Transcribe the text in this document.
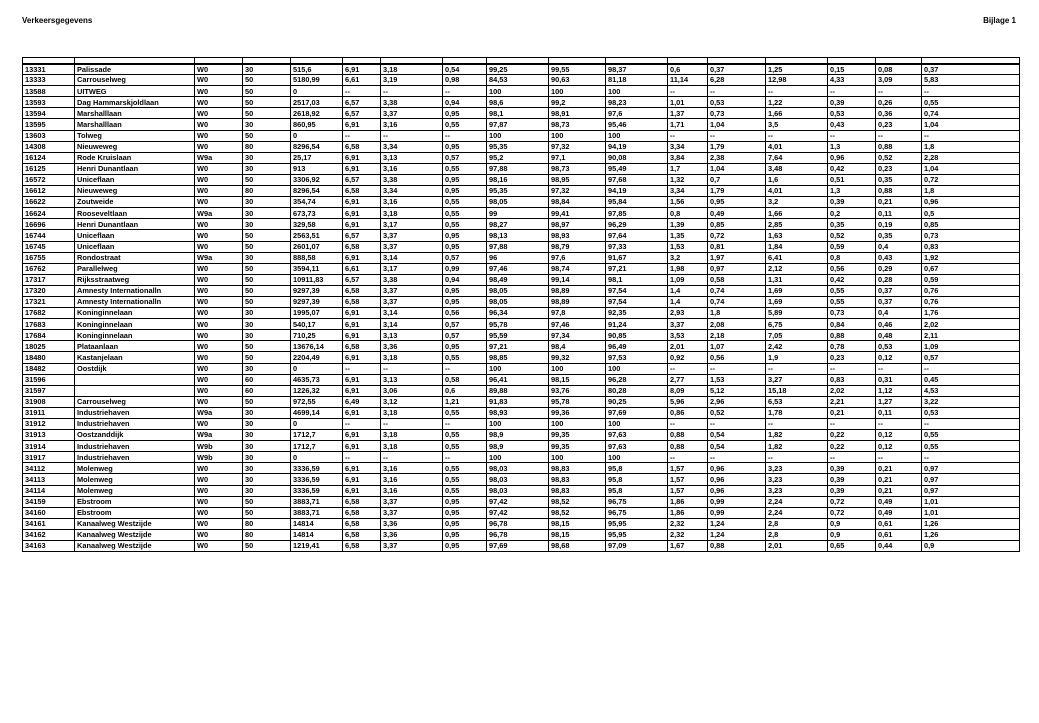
Verkeersgegevens	Bijlage 1

13331	Palissade	W0	30	515,6	6,91	3,18	0,54	99,25	99,55	98,37	0,6	0,37	1,25	0,15	0,08	0,37
13333	Carrouselweg	W0	50	5180,99	6,61	3,19	0,98	84,53	90,63	81,18	11,14	6,28	12,98	4,33	3,09	5,83
13588	UITWEG	W0	50	0	--	--	--	100	100	100	--	--	--	--	--	--
13593	Dag Hammarskjoldlaan	W0	50	2517,03	6,57	3,38	0,94	98,6	99,2	98,23	1,01	0,53	1,22	0,39	0,26	0,55
13594	Marshalllaan	W0	50	2618,92	6,57	3,37	0,95	98,1	98,91	97,6	1,37	0,73	1,66	0,53	0,36	0,74
13595	Marshalllaan	W0	30	860,95	6,91	3,16	0,55	97,87	98,73	95,46	1,71	1,04	3,5	0,43	0,23	1,04
13603	Tolweg	W0	50	0	--	--	--	100	100	100	--	--	--	--	--	--
14308	Nieuweweg	W0	80	8296,54	6,58	3,34	0,95	95,35	97,32	94,19	3,34	1,79	4,01	1,3	0,88	1,8
16124	Rode Kruislaan	W9a	30	25,17	6,91	3,13	0,57	95,2	97,1	90,08	3,84	2,38	7,64	0,96	0,52	2,28
16125	Henri Dunantlaan	W0	30	913	6,91	3,16	0,55	97,88	98,73	95,49	1,7	1,04	3,48	0,42	0,23	1,04
16572	Uniceflaan	W0	50	3306,92	6,57	3,38	0,95	98,16	98,95	97,68	1,32	0,7	1,6	0,51	0,35	0,72
16612	Nieuweweg	W0	80	8296,54	6,58	3,34	0,95	95,35	97,32	94,19	3,34	1,79	4,01	1,3	0,88	1,8
16622	Zoutweide	W0	30	354,74	6,91	3,16	0,55	98,05	98,84	95,84	1,56	0,95	3,2	0,39	0,21	0,96
16624	Rooseveltlaan	W9a	30	673,73	6,91	3,18	0,55	99	99,41	97,85	0,8	0,49	1,66	0,2	0,11	0,5
16696	Henri Dunantlaan	W0	30	329,58	6,91	3,17	0,55	98,27	98,97	96,29	1,39	0,85	2,85	0,35	0,19	0,85
16744	Uniceflaan	W0	50	2563,51	6,57	3,37	0,95	98,13	98,93	97,64	1,35	0,72	1,63	0,52	0,35	0,73
16745	Uniceflaan	W0	50	2601,07	6,58	3,37	0,95	97,88	98,79	97,33	1,53	0,81	1,84	0,59	0,4	0,83
16755	Rondostraat	W9a	30	888,58	6,91	3,14	0,57	96	97,6	91,67	3,2	1,97	6,41	0,8	0,43	1,92
16762	Parallelweg	W0	50	3594,11	6,61	3,17	0,99	97,46	98,74	97,21	1,98	0,97	2,12	0,56	0,29	0,67
17317	Rijksstraatweg	W0	50	10911,83	6,57	3,38	0,94	98,49	99,14	98,1	1,09	0,58	1,31	0,42	0,28	0,59
17320	Amnesty Internationalln	W0	50	9297,39	6,58	3,37	0,95	98,05	98,89	97,54	1,4	0,74	1,69	0,55	0,37	0,76
17321	Amnesty Internationalln	W0	50	9297,39	6,58	3,37	0,95	98,05	98,89	97,54	1,4	0,74	1,69	0,55	0,37	0,76
17682	Koninginnelaan	W0	30	1995,07	6,91	3,14	0,56	96,34	97,8	92,35	2,93	1,8	5,89	0,73	0,4	1,76
17683	Koninginnelaan	W0	30	540,17	6,91	3,14	0,57	95,78	97,46	91,24	3,37	2,08	6,75	0,84	0,46	2,02
17684	Koninginnelaan	W0	30	710,25	6,91	3,13	0,57	95,59	97,34	90,85	3,53	2,18	7,05	0,88	0,48	2,11
18025	Plataanlaan	W0	50	13676,14	6,58	3,36	0,95	97,21	98,4	96,49	2,01	1,07	2,42	0,78	0,53	1,09
18480	Kastanjelaan	W0	50	2204,49	6,91	3,18	0,55	98,85	99,32	97,53	0,92	0,56	1,9	0,23	0,12	0,57
18482	Oostdijk	W0	30	0	--	--	--	100	100	100	--	--	--	--	--	--
31596		W0	60	4635,73	6,91	3,13	0,58	96,41	98,15	96,28	2,77	1,53	3,27	0,83	0,31	0,45
31597		W0	60	1226,32	6,91	3,06	0,6	89,88	93,76	80,28	8,09	5,12	15,18	2,02	1,12	4,53
31908	Carrouselweg	W0	50	972,55	6,49	3,12	1,21	91,83	95,78	90,25	5,96	2,96	6,53	2,21	1,27	3,22
31911	Industriehaven	W9a	30	4699,14	6,91	3,18	0,55	98,93	99,36	97,69	0,86	0,52	1,78	0,21	0,11	0,53
31912	Industriehaven	W0	30	0	--	--	--	100	100	100	--	--	--	--	--	--
31913	Oostzanddijk	W9a	30	1712,7	6,91	3,18	0,55	98,9	99,35	97,63	0,88	0,54	1,82	0,22	0,12	0,55
31914	Industriehaven	W9b	30	1712,7	6,91	3,18	0,55	98,9	99,35	97,63	0,88	0,54	1,82	0,22	0,12	0,55
31917	Industriehaven	W9b	30	0	--	--	--	100	100	100	--	--	--	--	--	--
34112	Molenweg	W0	30	3336,59	6,91	3,16	0,55	98,03	98,83	95,8	1,57	0,96	3,23	0,39	0,21	0,97
34113	Molenweg	W0	30	3336,59	6,91	3,16	0,55	98,03	98,83	95,8	1,57	0,96	3,23	0,39	0,21	0,97
34114	Molenweg	W0	30	3336,59	6,91	3,16	0,55	98,03	98,83	95,8	1,57	0,96	3,23	0,39	0,21	0,97
34159	Ebstroom	W0	50	3883,71	6,58	3,37	0,95	97,42	98,52	96,75	1,86	0,99	2,24	0,72	0,49	1,01
34160	Ebstroom	W0	50	3883,71	6,58	3,37	0,95	97,42	98,52	96,75	1,86	0,99	2,24	0,72	0,49	1,01
34161	Kanaalweg Westzijde	W0	80	14814	6,58	3,36	0,95	96,78	98,15	95,95	2,32	1,24	2,8	0,9	0,61	1,26
34162	Kanaalweg Westzijde	W0	80	14814	6,58	3,36	0,95	96,78	98,15	95,95	2,32	1,24	2,8	0,9	0,61	1,26
34163	Kanaalweg Westzijde	W0	50	1219,41	6,58	3,37	0,95	97,69	98,68	97,09	1,67	0,88	2,01	0,65	0,44	0,9
